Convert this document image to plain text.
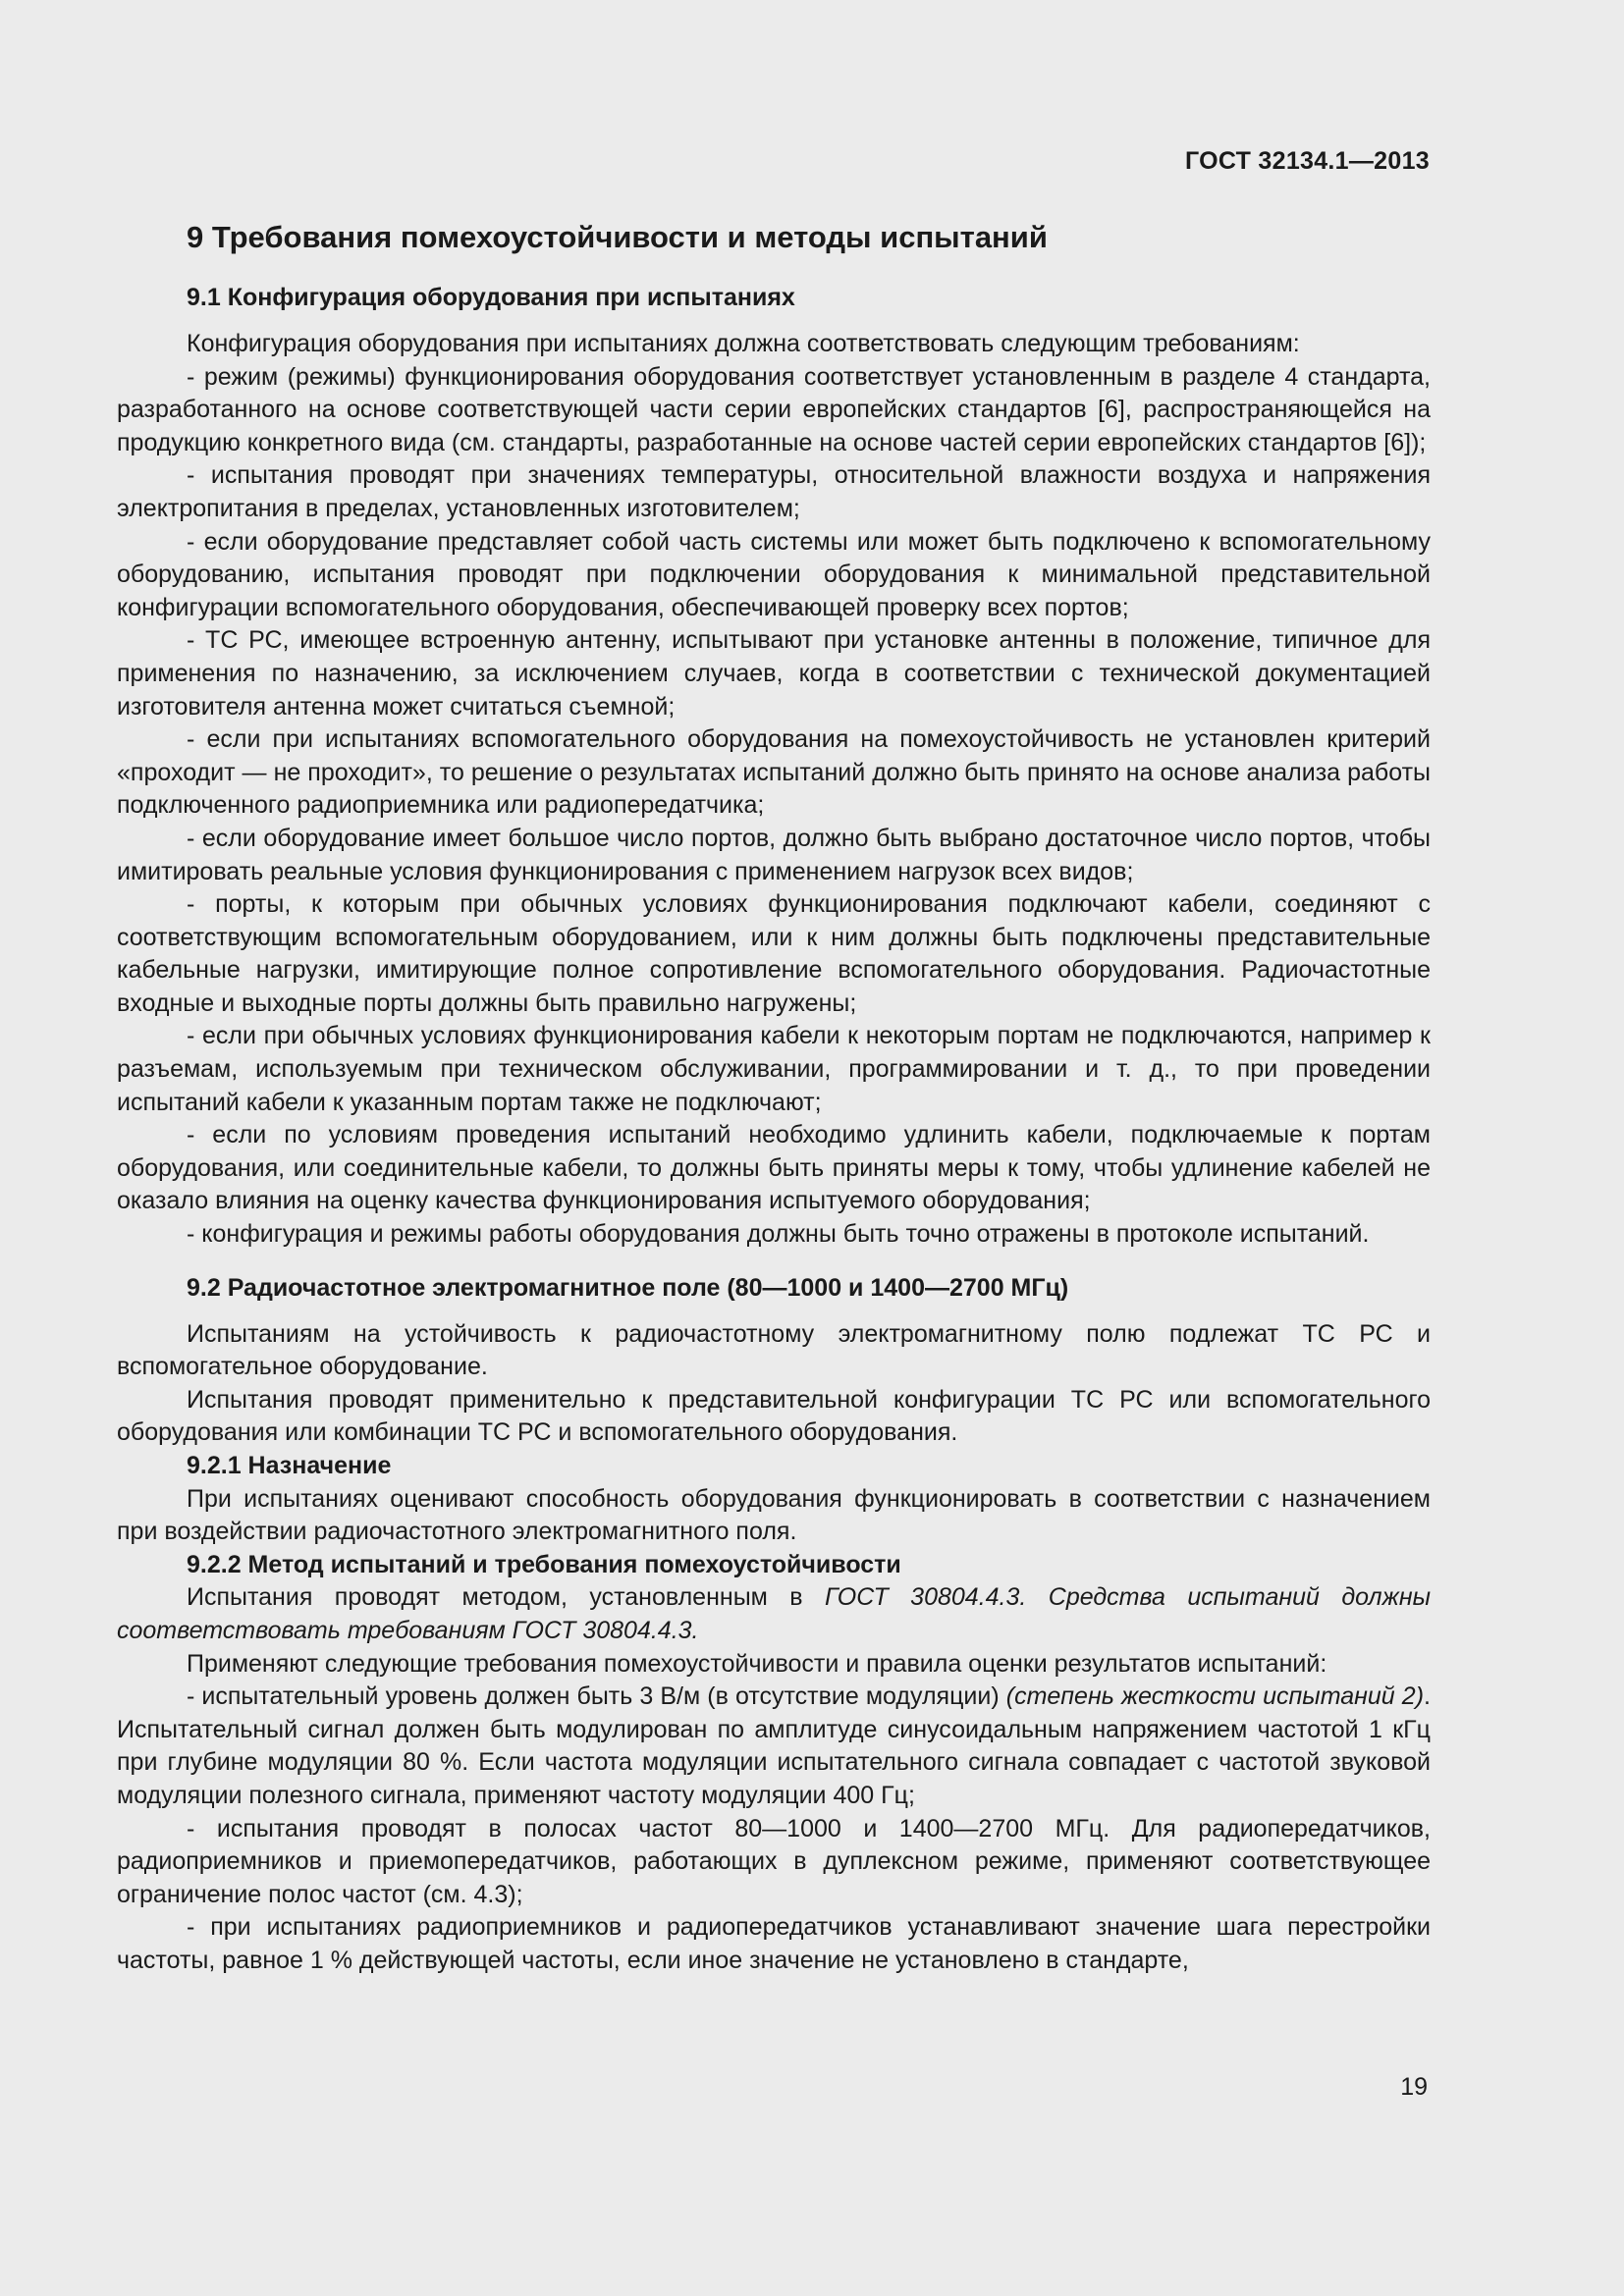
ГОСТ 32134.1—2013
9 Требования помехоустойчивости и методы испытаний
9.1 Конфигурация оборудования при испытаниях

Конфигурация оборудования при испытаниях должна соответствовать следующим требованиям:

- режим (режимы) функционирования оборудования соответствует установленным в разделе 4 стандарта, разработанного на основе соответствующей части серии европейских стандартов [6], распространяющейся на продукцию конкретного вида (см. стандарты, разработанные на основе частей серии европейских стандартов [6]);

- испытания проводят при значениях температуры, относительной влажности воздуха и напряжения электропитания в пределах, установленных изготовителем;

- если оборудование представляет собой часть системы или может быть подключено к вспомогательному оборудованию, испытания проводят при подключении оборудования к минимальной представительной конфигурации вспомогательного оборудования, обеспечивающей проверку всех портов;

- ТС РС, имеющее встроенную антенну, испытывают при установке антенны в положение, типичное для применения по назначению, за исключением случаев, когда в соответствии с технической документацией изготовителя антенна может считаться съемной;

- если при испытаниях вспомогательного оборудования на помехоустойчивость не установлен критерий «проходит — не проходит», то решение о результатах испытаний должно быть принято на основе анализа работы подключенного радиоприемника или радиопередатчика;

- если оборудование имеет большое число портов, должно быть выбрано достаточное число портов, чтобы имитировать реальные условия функционирования с применением нагрузок всех видов;

- порты, к которым при обычных условиях функционирования подключают кабели, соединяют с соответствующим вспомогательным оборудованием, или к ним должны быть подключены представительные кабельные нагрузки, имитирующие полное сопротивление вспомогательного оборудования. Радиочастотные входные и выходные порты должны быть правильно нагружены;

- если при обычных условиях функционирования кабели к некоторым портам не подключаются, например к разъемам, используемым при техническом обслуживании, программировании и т. д., то при проведении испытаний кабели к указанным портам также не подключают;

- если по условиям проведения испытаний необходимо удлинить кабели, подключаемые к портам оборудования, или соединительные кабели, то должны быть приняты меры к тому, чтобы удлинение кабелей не оказало влияния на оценку качества функционирования испытуемого оборудования;

- конфигурация и режимы работы оборудования должны быть точно отражены в протоколе испытаний.

9.2 Радиочастотное электромагнитное поле (80—1000 и 1400—2700 МГц)

Испытаниям на устойчивость к радиочастотному электромагнитному полю подлежат ТС РС и вспомогательное оборудование.

Испытания проводят применительно к представительной конфигурации ТС РС или вспомогательного оборудования или комбинации ТС РС и вспомогательного оборудования.

9.2.1 Назначение

При испытаниях оценивают способность оборудования функционировать в соответствии с назначением при воздействии радиочастотного электромагнитного поля.

9.2.2 Метод испытаний и требования помехоустойчивости

Испытания проводят методом, установленным в ГОСТ 30804.4.3. Средства испытаний должны соответствовать требованиям ГОСТ 30804.4.3.

Применяют следующие требования помехоустойчивости и правила оценки результатов испытаний:

- испытательный уровень должен быть 3 В/м (в отсутствие модуляции) (степень жесткости испытаний 2). Испытательный сигнал должен быть модулирован по амплитуде синусоидальным напряжением частотой 1 кГц при глубине модуляции 80 %. Если частота модуляции испытательного сигнала совпадает с частотой звуковой модуляции полезного сигнала, применяют частоту модуляции 400 Гц;

- испытания проводят в полосах частот 80—1000 и 1400—2700 МГц. Для радиопередатчиков, радиоприемников и приемопередатчиков, работающих в дуплексном режиме, применяют соответствующее ограничение полос частот (см. 4.3);

- при испытаниях радиоприемников и радиопередатчиков устанавливают значение шага перестройки частоты, равное 1 % действующей частоты, если иное значение не установлено в стандарте,

19
